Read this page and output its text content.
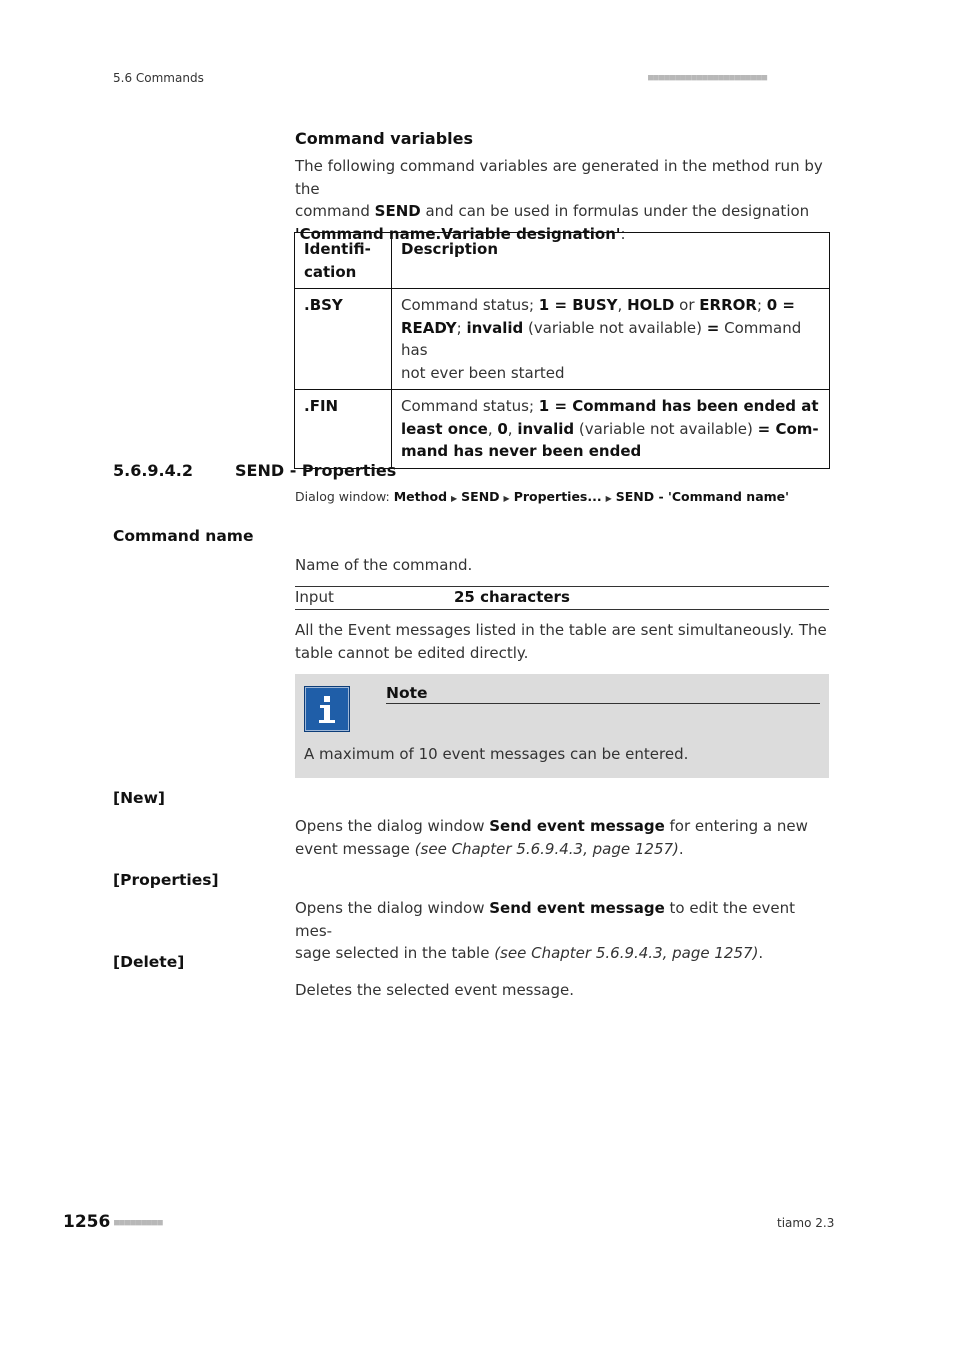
5.6 Commands	■■■■■■■■■■■■■■■■■■■■■■
Command variables
The following command variables are generated in the method run by the
command SEND and can be used in formulas under the designation
'Command name.Variable designation':
Identifi-
cation	Description
.BSY	Command status; 1 = BUSY, HOLD or ERROR; 0 =
READY; invalid (variable not available) = Command has
not ever been started

.FIN	Command status; 1 = Command has been ended at
least once, 0, invalid (variable not available) = Com-
mand has never been ended
5.6.9.4.2	SEND - Properties
Dialog window: Method ▶ SEND ▶ Properties... ▶ SEND - 'Command name'
Command name
Name of the command.
Input	25 characters
All the Event messages listed in the table are sent simultaneously. The
table cannot be edited directly.
Note
A maximum of 10 event messages can be entered.
[New]
Opens the dialog window Send event message for entering a new
event message (see Chapter 5.6.9.4.3, page 1257).
[Properties]
Opens the dialog window Send event message to edit the event mes-
sage selected in the table (see Chapter 5.6.9.4.3, page 1257).
[Delete]
Deletes the selected event message.
1256 ■■■■■■■■■	tiamo 2.3
